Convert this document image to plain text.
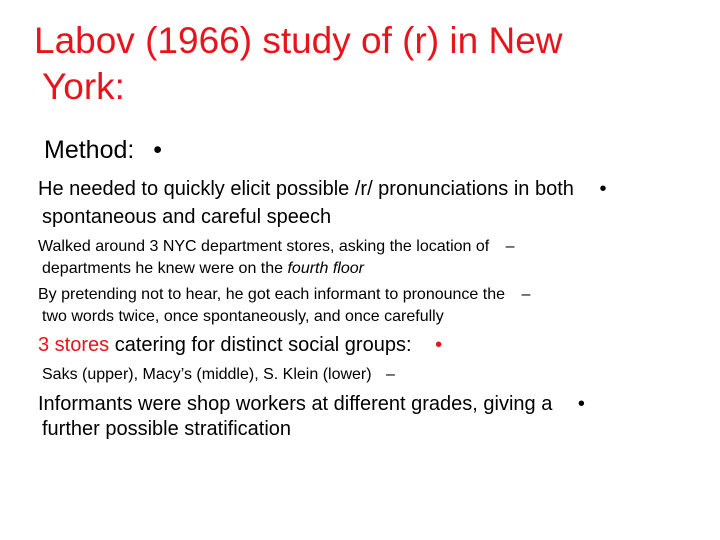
Labov (1966) study of (r) in New
York:
Method: •
He needed to quickly elicit possible /r/ pronunciations in both •
spontaneous and careful speech
Walked around 3 NYC department stores, asking the location of –
departments he knew were on the fourth floor
By pretending not to hear, he got each informant to pronounce the –
two words twice, once spontaneously, and once carefully
3 stores catering for distinct social groups: •
Saks (upper), Macy’s (middle), S. Klein (lower) –
Informants were shop workers at different grades, giving a •
further possible stratification
